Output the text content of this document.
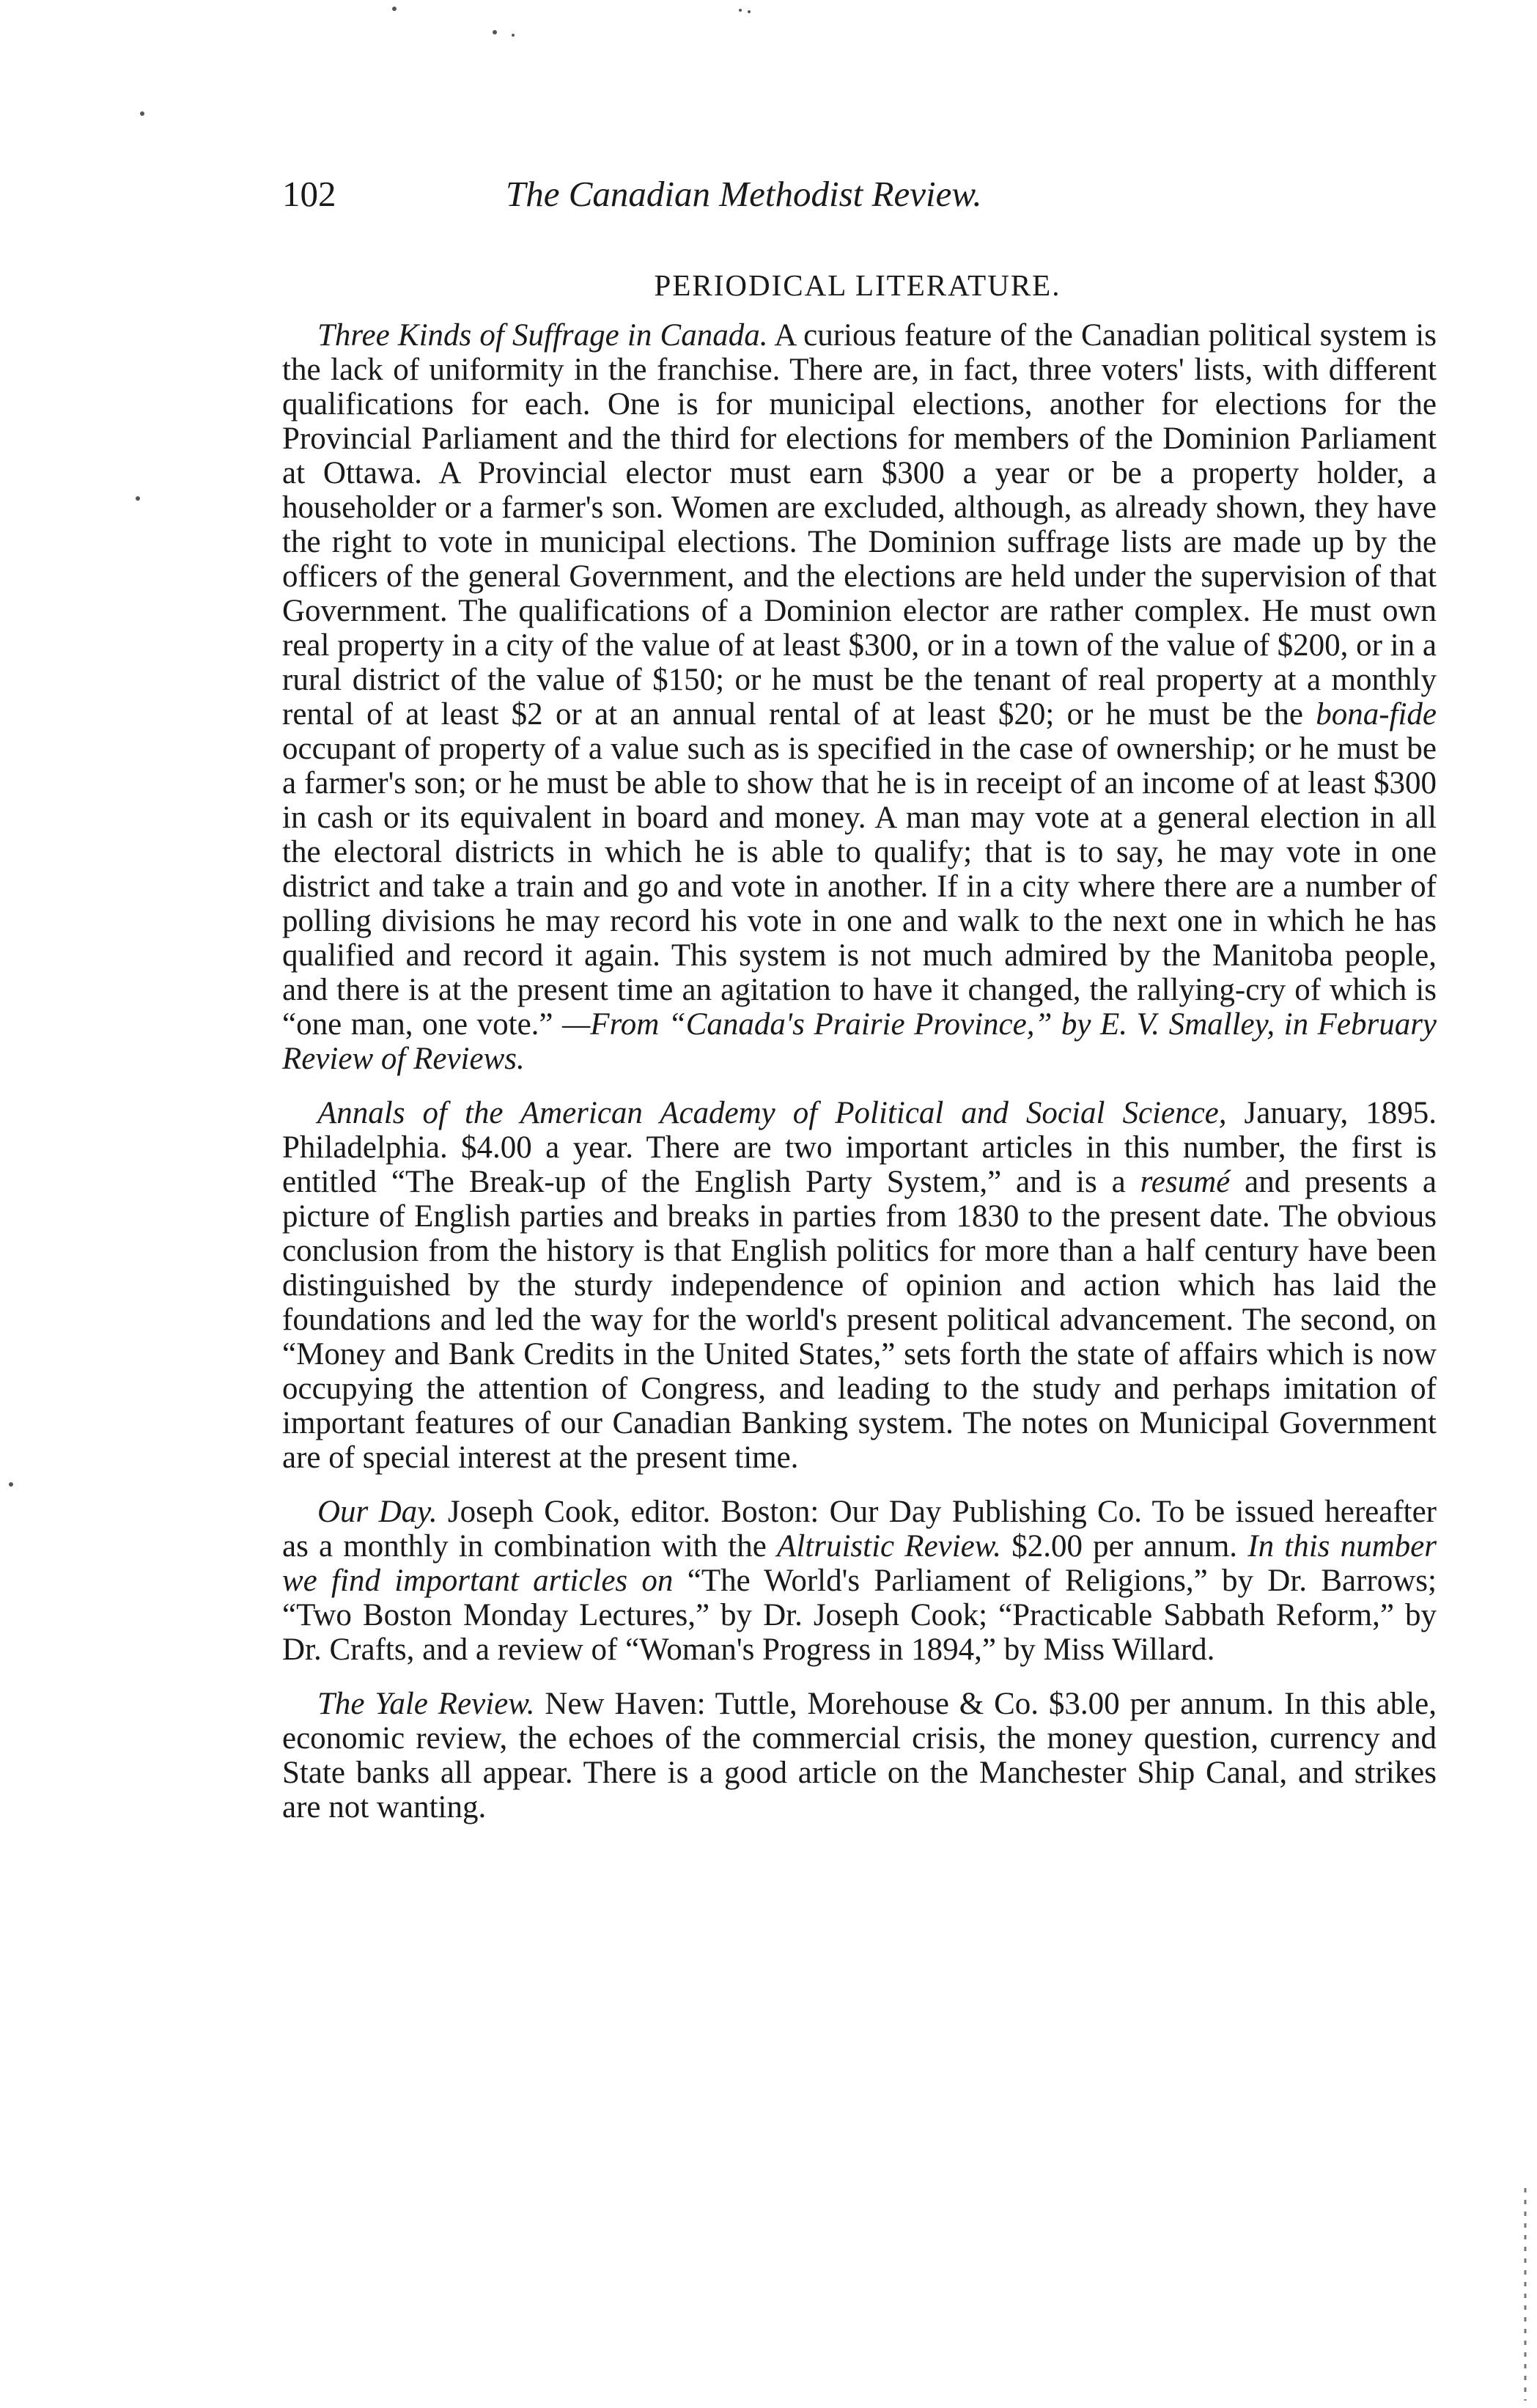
102	The Canadian Methodist Review.
PERIODICAL LITERATURE.

Three Kinds of Suffrage in Canada. A curious feature of the Canadian political system is the lack of uniformity in the franchise. There are, in fact, three voters' lists, with different qualifications for each. One is for municipal elections, another for elections for the Provincial Parliament and the third for elections for members of the Dominion Parliament at Ottawa. A Provincial elector must earn $300 a year or be a property holder, a householder or a farmer's son. Women are excluded, although, as already shown, they have the right to vote in municipal elections. The Dominion suffrage lists are made up by the officers of the general Government, and the elections are held under the supervision of that Government. The qualifications of a Dominion elector are rather complex. He must own real property in a city of the value of at least $300, or in a town of the value of $200, or in a rural district of the value of $150; or he must be the tenant of real property at a monthly rental of at least $2 or at an annual rental of at least $20; or he must be the bona-fide occupant of property of a value such as is specified in the case of ownership; or he must be a farmer's son; or he must be able to show that he is in receipt of an income of at least $300 in cash or its equivalent in board and money. A man may vote at a general election in all the electoral districts in which he is able to qualify; that is to say, he may vote in one district and take a train and go and vote in another. If in a city where there are a number of polling divisions he may record his vote in one and walk to the next one in which he has qualified and record it again. This system is not much admired by the Manitoba people, and there is at the present time an agitation to have it changed, the rallying-cry of which is “one man, one vote.” —From “Canada's Prairie Province,” by E. V. Smalley, in February Review of Reviews.

Annals of the American Academy of Political and Social Science, January, 1895. Philadelphia. $4.00 a year. There are two important articles in this number, the first is entitled “The Break-up of the English Party System,” and is a resumé and presents a picture of English parties and breaks in parties from 1830 to the present date. The obvious conclusion from the history is that English politics for more than a half century have been distinguished by the sturdy independence of opinion and action which has laid the foundations and led the way for the world's present political advancement. The second, on “Money and Bank Credits in the United States,” sets forth the state of affairs which is now occupying the attention of Congress, and leading to the study and perhaps imitation of important features of our Canadian Banking system. The notes on Municipal Government are of special interest at the present time.

Our Day. Joseph Cook, editor. Boston: Our Day Publishing Co. To be issued hereafter as a monthly in combination with the Altruistic Review. $2.00 per annum. In this number we find important articles on “The World's Parliament of Religions,” by Dr. Barrows; “Two Boston Monday Lectures,” by Dr. Joseph Cook; “Practicable Sabbath Reform,” by Dr. Crafts, and a review of “Woman's Progress in 1894,” by Miss Willard.

The Yale Review. New Haven: Tuttle, Morehouse & Co. $3.00 per annum. In this able, economic review, the echoes of the commercial crisis, the money question, currency and State banks all appear. There is a good article on the Manchester Ship Canal, and strikes are not wanting.
